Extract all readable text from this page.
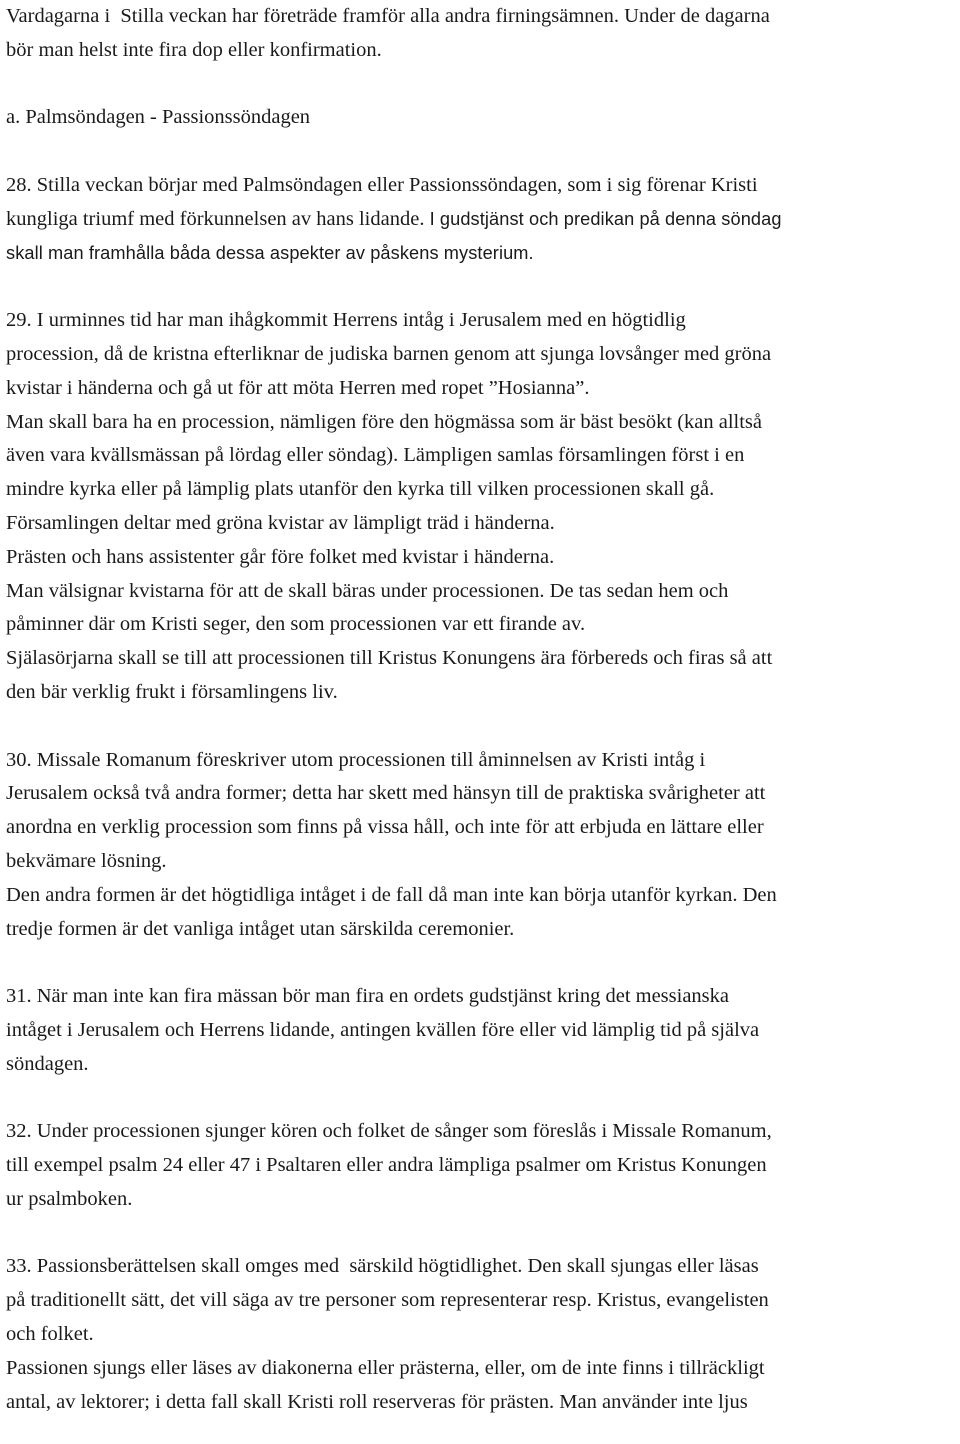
Vardagarna i  Stilla veckan har företräde framför alla andra firningsämnen. Under de dagarna
bör man helst inte fira dop eller konfirmation.
a. Palmsöndagen - Passionssöndagen
28. Stilla veckan börjar med Palmsöndagen eller Passionssöndagen, som i sig förenar Kristi
kungliga triumf med förkunnelsen av hans lidande. I gudstjänst och predikan på denna söndag
skall man framhålla båda dessa aspekter av påskens mysterium.
29. I urminnes tid har man ihågkommit Herrens intåg i Jerusalem med en högtidlig
procession, då de kristna efterliknar de judiska barnen genom att sjunga lovsånger med gröna
kvistar i händerna och gå ut för att möta Herren med ropet ”Hosianna”.
Man skall bara ha en procession, nämligen före den högmässa som är bäst besökt (kan alltså
även vara kvällsmässan på lördag eller söndag). Lämpligen samlas församlingen först i en
mindre kyrka eller på lämplig plats utanför den kyrka till vilken processionen skall gå.
Församlingen deltar med gröna kvistar av lämpligt träd i händerna.
Prästen och hans assistenter går före folket med kvistar i händerna.
Man välsignar kvistarna för att de skall bäras under processionen. De tas sedan hem och
påminner där om Kristi seger, den som processionen var ett firande av.
Själasörjarna skall se till att processionen till Kristus Konungens ära förbereds och firas så att
den bär verklig frukt i församlingens liv.
30. Missale Romanum föreskriver utom processionen till åminnelsen av Kristi intåg i
Jerusalem också två andra former; detta har skett med hänsyn till de praktiska svårigheter att
anordna en verklig procession som finns på vissa håll, och inte för att erbjuda en lättare eller
bekvämare lösning.
Den andra formen är det högtidliga intåget i de fall då man inte kan börja utanför kyrkan. Den
tredje formen är det vanliga intåget utan särskilda ceremonier.
31. När man inte kan fira mässan bör man fira en ordets gudstjänst kring det messianska
intåget i Jerusalem och Herrens lidande, antingen kvällen före eller vid lämplig tid på själva
söndagen.
32. Under processionen sjunger kören och folket de sånger som föreslås i Missale Romanum,
till exempel psalm 24 eller 47 i Psaltaren eller andra lämpliga psalmer om Kristus Konungen
ur psalmboken.
33. Passionsberättelsen skall omges med  särskild högtidlighet. Den skall sjungas eller läsas
på traditionellt sätt, det vill säga av tre personer som representerar resp. Kristus, evangelisten
och folket.
Passionen sjungs eller läses av diakonerna eller prästerna, eller, om de inte finns i tillräckligt
antal, av lektorer; i detta fall skall Kristi roll reserveras för prästen. Man använder inte ljus
